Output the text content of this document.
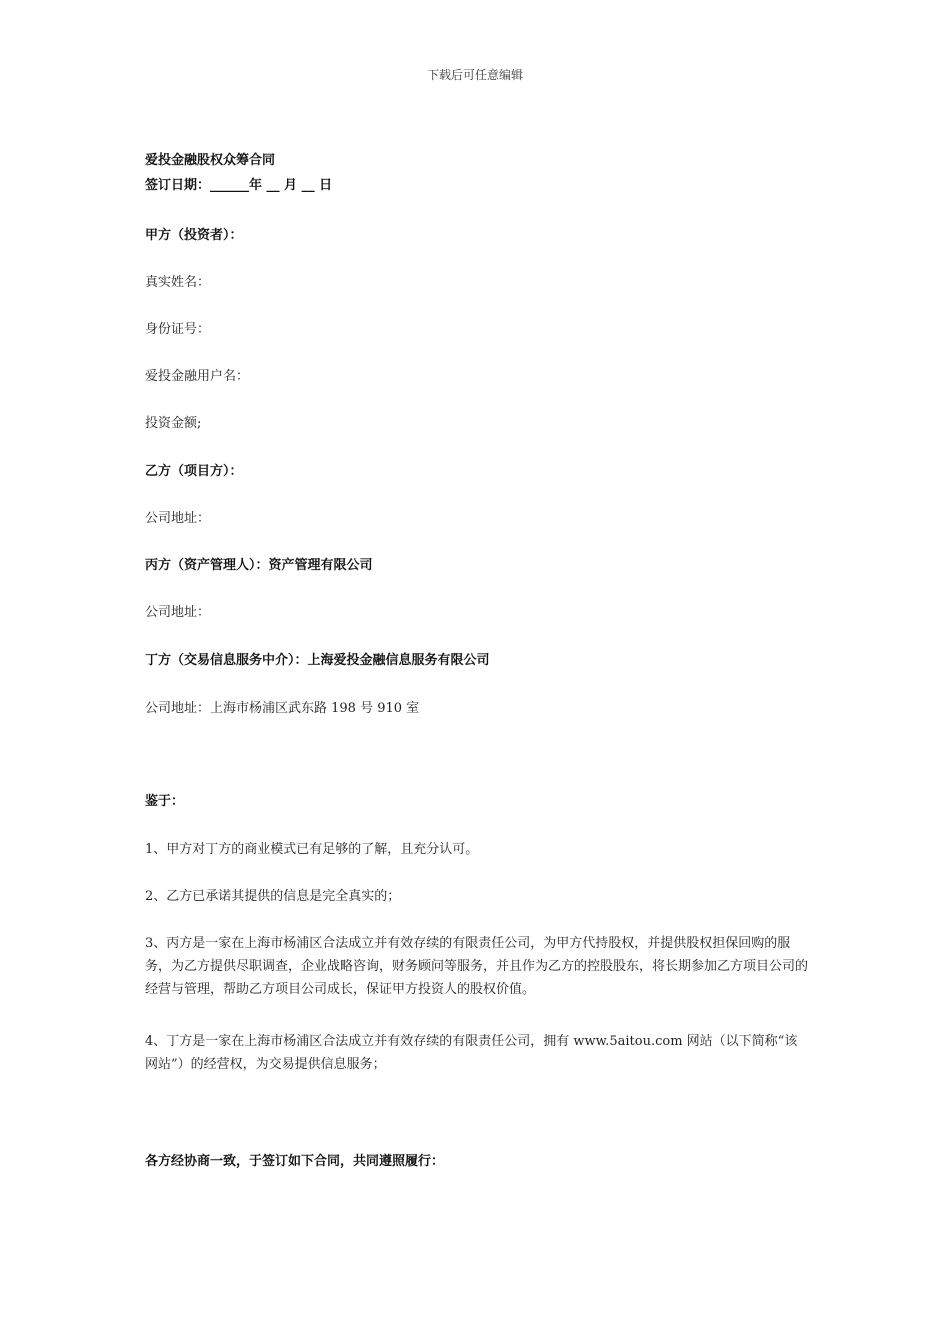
下载后可任意编辑
爱投金融股权众筹合同
签订日期：______年 __ 月 __ 日
甲方（投资者）：
真实姓名：
身份证号：
爱投金融用户名：
投资金额;
乙方（项目方）：
公司地址：
丙方（资产管理人）：资产管理有限公司
公司地址：
丁方（交易信息服务中介）：上海爱投金融信息服务有限公司
公司地址：上海市杨浦区武东路 198 号 910 室
鉴于：
1、甲方对丁方的商业模式已有足够的了解，且充分认可。
2、乙方已承诺其提供的信息是完全真实的；
3、丙方是一家在上海市杨浦区合法成立并有效存续的有限责任公司，为甲方代持股权，并提供股权担保回购的服务，为乙方提供尽职调查，企业战略咨询，财务顾问等服务，并且作为乙方的控股股东，将长期参加乙方项目公司的经营与管理，帮助乙方项目公司成长，保证甲方投资人的股权价值。
4、丁方是一家在上海市杨浦区合法成立并有效存续的有限责任公司，拥有 www.5aitou.com 网站（以下简称“该网站”）的经营权，为交易提供信息服务；
各方经协商一致，于签订如下合同，共同遵照履行：
